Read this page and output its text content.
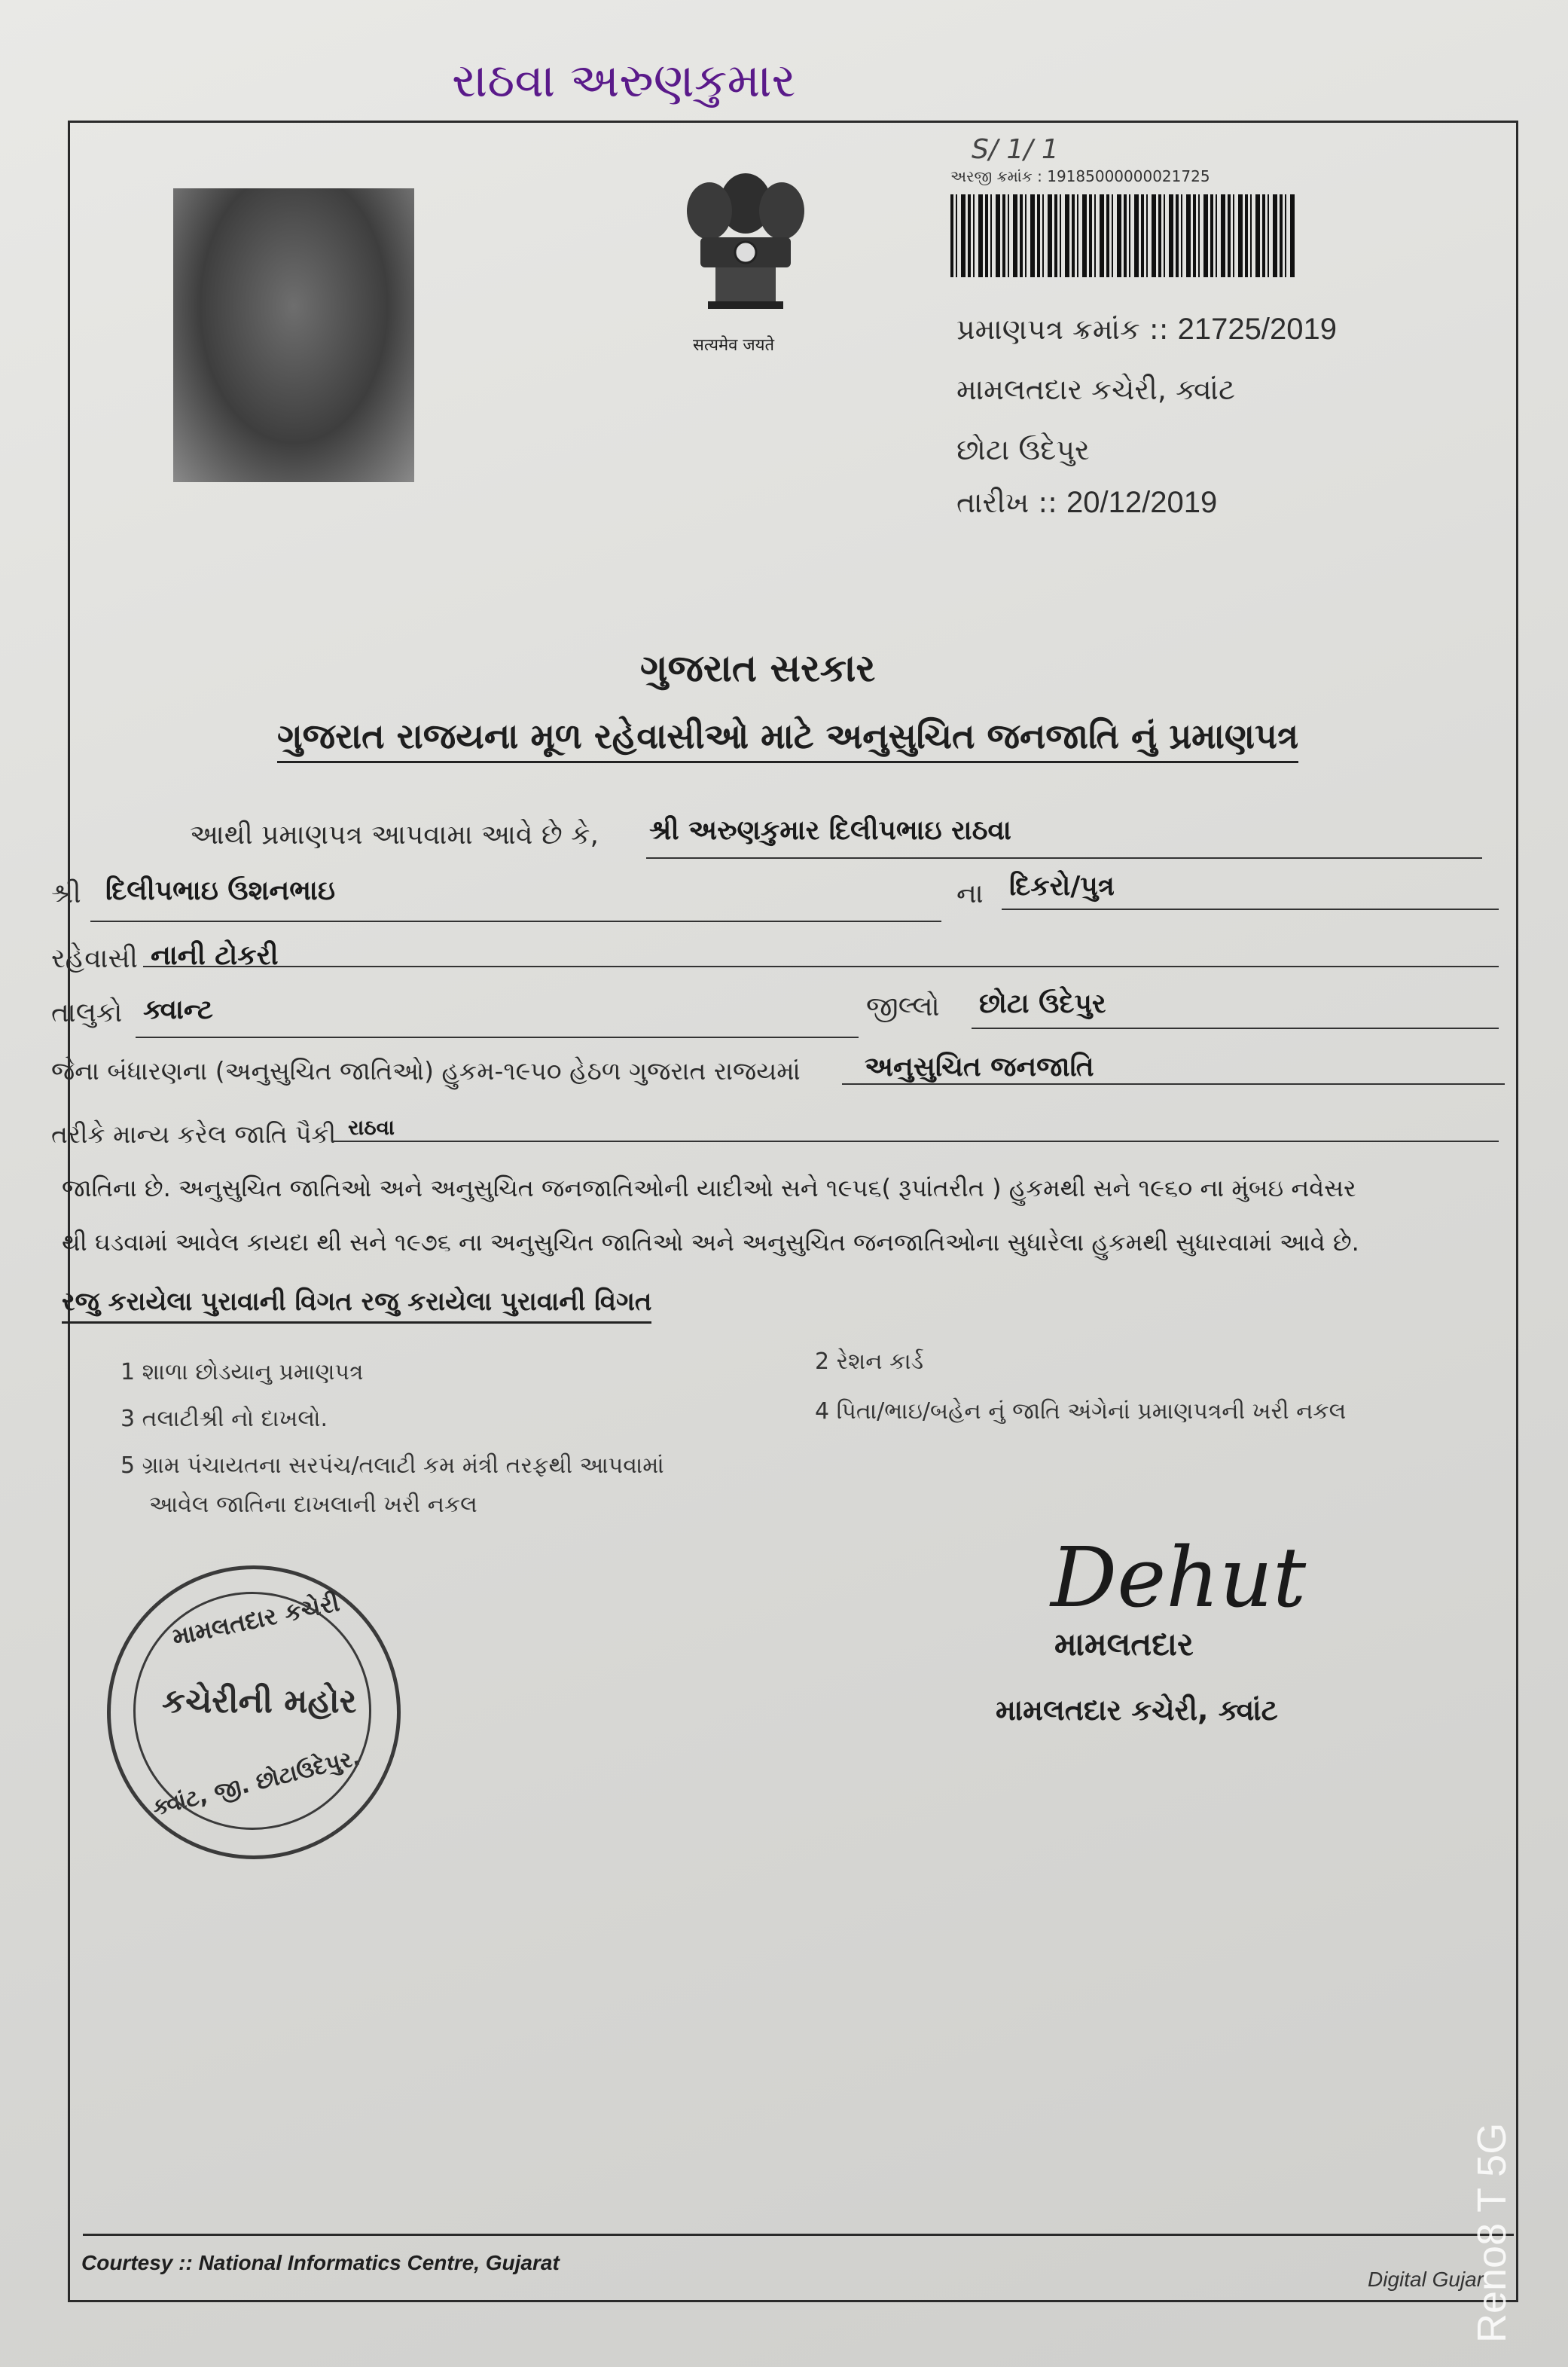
રાઠવા અરુણકુમાર
S/ 1/ 1
सत्यमेव जयते
અરજી ક્રમાંક : 19185000000021725
પ્રમાણપત્ર ક્રમાંક :: 21725/2019
મામલતદાર કચેરી, ક્વાંટ
છોટા ઉદેપુર
તારીખ :: 20/12/2019
ગુજરાત સરકાર
ગુજરાત રાજયના મૂળ રહેવાસીઓ માટે અનુસુચિત જનજાતિ નું પ્રમાણપત્ર
આથી પ્રમાણપત્ર આપવામા આવે છે કે, શ્રી અરુણકુમાર દિલીપભાઇ રાઠવા
શ્રી દિલીપભાઇ ઉશનભાઇ	ના દિકરો/પુત્ર
રહેવાસી નાની ટોકરી
તાલુકો ક્વાન્ટ	જીલ્લો છોટા ઉદેપુર
જેના બંધારણના (અનુસુચિત જાતિઓ) હુકમ-૧૯૫૦ હેઠળ ગુજરાત રાજયમાં અનુસુચિત જનજાતિ
તરીકે માન્ય કરેલ જાતિ પૈકી રાઠવા
જાતિના છે. અનુસુચિત જાતિઓ અને અનુસુચિત જનજાતિઓની યાદીઓ સને ૧૯૫૬( રૂપાંતરીત ) હુકમથી સને ૧૯૬૦ ના મુંબઇ નવેસર
થી ઘડવામાં આવેલ કાયદા થી સને ૧૯૭૬ ના અનુસુચિત જાતિઓ અને અનુસુચિત જનજાતિઓના સુધારેલા હુકમથી સુધારવામાં આવે છે.
રજુ કરાયેલા પુરાવાની વિગત રજુ કરાયેલા પુરાવાની વિગત
1 શાળા છોડયાનુ પ્રમાણપત્ર	2 રેશન કાર્ડ
3 તલાટીશ્રી નો દાખલો.	4 પિતા/ભાઇ/બહેન નું જાતિ અંગેનાં પ્રમાણપત્રની ખરી નકલ
5 ગ્રામ પંચાયતના સરપંચ/તલાટી કમ મંત્રી તરફથી આપવામાં
આવેલ જાતિના દાખલાની ખરી નકલ
મામલતદાર કચેરી
કચેરીની મહોર
ક્વાંટ, જી. છોટાઉદેપુર.
Dehut
મામલતદાર
મામલતદાર કચેરી, ક્વાંટ
Courtesy :: National Informatics Centre, Gujarat
Digital Gujar
Reno8 T 5G
